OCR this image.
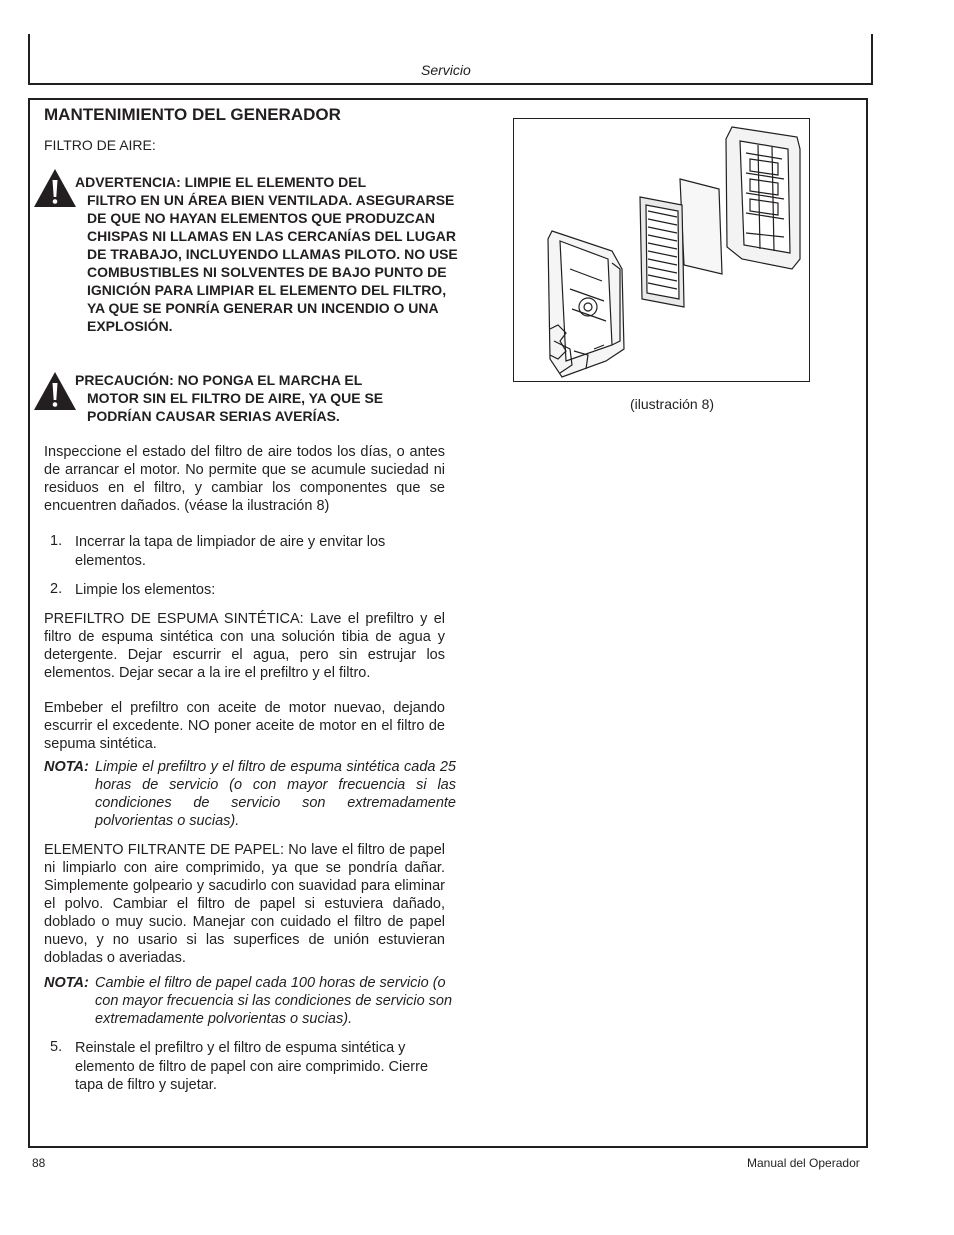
Servicio
MANTENIMIENTO DEL GENERADOR
FILTRO DE AIRE:
ADVERTENCIA: LIMPIE EL ELEMENTO DEL
FILTRO EN UN ÁREA BIEN VENTILADA. ASEGURARSE DE QUE NO HAYAN ELEMENTOS QUE PRODUZCAN CHISPAS NI LLAMAS EN LAS CERCANÍAS DEL LUGAR DE TRABAJO, INCLUYENDO LLAMAS PILOTO. NO USE COMBUSTIBLES NI SOLVENTES DE BAJO PUNTO DE IGNICIÓN PARA LIMPIAR EL ELEMENTO DEL FILTRO, YA QUE SE PONRÍA GENERAR UN INCENDIO O UNA EXPLOSIÓN.
PRECAUCIÓN: NO PONGA EL MARCHA EL
MOTOR SIN EL FILTRO DE AIRE, YA QUE SE PODRÍAN CAUSAR SERIAS AVERÍAS.
Inspeccione el estado del filtro de aire todos los días, o antes de arrancar el motor. No permite que se acumule suciedad ni residuos en el filtro, y cambiar los componentes que se encuentren dañados. (véase la ilustración 8)
1. Incerrar la tapa de limpiador de aire y envitar los elementos.
2. Limpie los elementos:
PREFILTRO DE ESPUMA SINTÉTICA: Lave el prefiltro y el filtro de espuma sintética con una solución tibia de agua y detergente. Dejar escurrir el agua, pero sin estrujar los elementos. Dejar secar a la ire el prefiltro y el filtro.
Embeber el prefiltro con aceite de motor nuevao, dejando escurrir el excedente. NO poner aceite de motor en el filtro de sepuma sintética.
NOTA: Limpie el prefiltro y el filtro de espuma sintética cada 25 horas de servicio (o con mayor frecuencia si las condiciones de servicio son extremadamente polvorientas o sucias).
ELEMENTO FILTRANTE DE PAPEL: No lave el filtro de papel ni limpiarlo con aire comprimido, ya que se pondría dañar. Simplemente golpeario y sacudirlo con suavidad para eliminar el polvo. Cambiar el filtro de papel si estuviera dañado, doblado o muy sucio. Manejar con cuidado el filtro de papel nuevo, y no usario si las superfices de unión estuvieran dobladas o averiadas.
NOTA: Cambie el filtro de papel cada 100 horas de servicio (o con mayor frecuencia si las condiciones de servicio son extremadamente polvorientas o sucias).
5. Reinstale el prefiltro y el filtro de espuma sintética y elemento de filtro de papel con aire comprimido. Cierre tapa de filtro y sujetar.
(ilustración 8)
88	Manual del Operador
